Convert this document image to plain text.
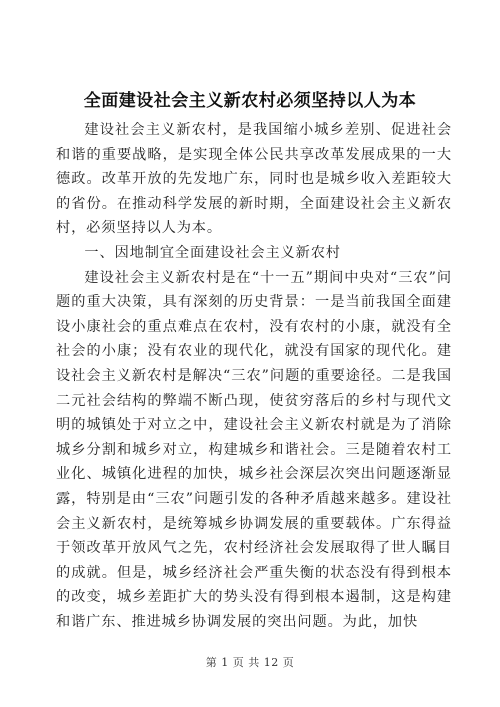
全面建设社会主义新农村必须坚持以人为本

建设社会主义新农村，是我国缩小城乡差别、促进社会和谐的重要战略，是实现全体公民共享改革发展成果的一大德政。改革开放的先发地广东，同时也是城乡收入差距较大的省份。在推动科学发展的新时期，全面建设社会主义新农村，必须坚持以人为本。

一、因地制宜全面建设社会主义新农村

建设社会主义新农村是在“十一五”期间中央对“三农”问题的重大决策，具有深刻的历史背景：一是当前我国全面建设小康社会的重点难点在农村，没有农村的小康，就没有全社会的小康；没有农业的现代化，就没有国家的现代化。建设社会主义新农村是解决“三农”问题的重要途径。二是我国二元社会结构的弊端不断凸现，使贫穷落后的乡村与现代文明的城镇处于对立之中，建设社会主义新农村就是为了消除城乡分割和城乡对立，构建城乡和谐社会。三是随着农村工业化、城镇化进程的加快，城乡社会深层次突出问题逐渐显露，特别是由“三农”问题引发的各种矛盾越来越多。建设社会主义新农村，是统筹城乡协调发展的重要载体。广东得益于领改革开放风气之先，农村经济社会发展取得了世人瞩目的成就。但是，城乡经济社会严重失衡的状态没有得到根本的改变，城乡差距扩大的势头没有得到根本遏制，这是构建和谐广东、推进城乡协调发展的突出问题。为此，加快

第 1 页 共 12 页
